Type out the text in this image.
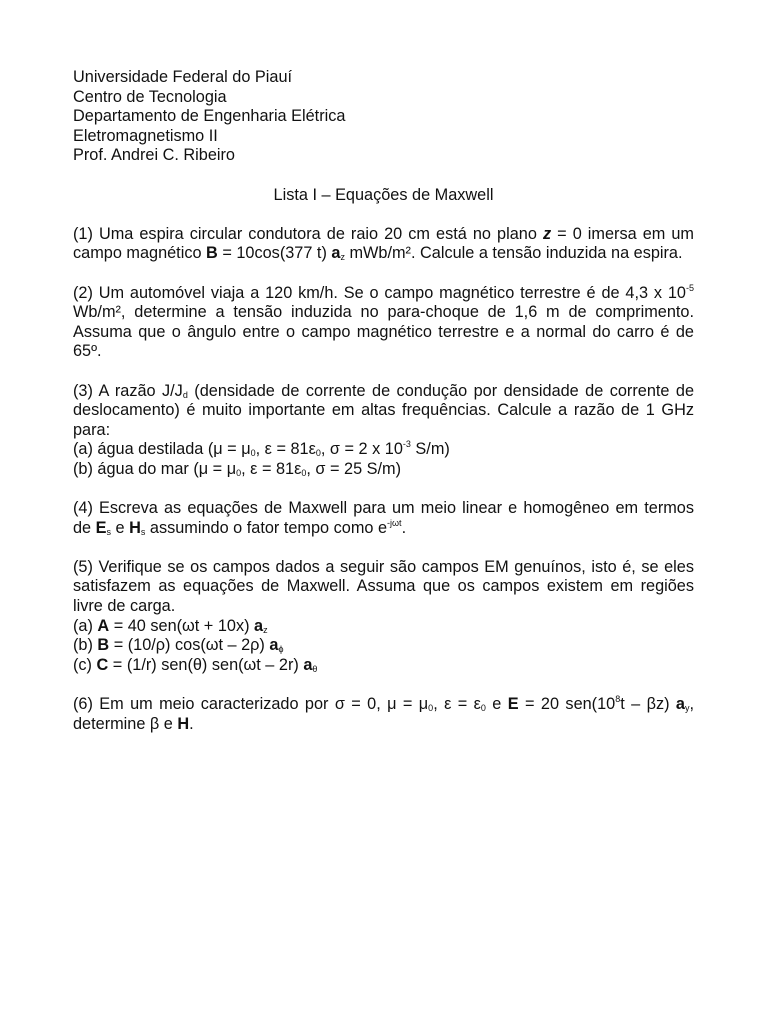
Universidade Federal do Piauí

Centro de Tecnologia

Departamento de Engenharia Elétrica

Eletromagnetismo II

Prof. Andrei C. Ribeiro

Lista I – Equações de Maxwell
(1) Uma espira circular condutora de raio 20 cm está no plano z = 0 imersa em um campo magnético B = 10cos(377 t) $a_z$ mWb/m². Calcule a tensão induzida na espira.
(2) Um automóvel viaja a 120 km/h. Se o campo magnético terrestre é de 4,3 x $10^{-5}$ Wb/m², determine a tensão induzida no para-choque de 1,6 m de comprimento. Assuma que o ângulo entre o campo magnético terrestre e a normal do carro é de 65º.

(3) A razão $J/J_d$ (densidade de corrente de condução por densidade de corrente de deslocamento) é muito importante em altas frequências. Calcule a razão de 1 GHz para:

(a) água destilada ($\mu = \mu_0$, $\varepsilon = 81\varepsilon_0$, σ = 2 x $10^{-3}$ S/m)

(b) água do mar ($\mu = \mu_0$, $\varepsilon = 81\varepsilon_0$, σ = 25 S/m)

(4) Escreva as equações de Maxwell para um meio linear e homogêneo em termos de $E_s$ e $H_s$ assumindo o fator tempo como $e^{-j\omega t}$.

(5) Verifique se os campos dados a seguir são campos EM genuínos, isto é, se eles satisfazem as equações de Maxwell. Assuma que os campos existem em regiões livre de carga.

(a) A = 40 sen(ωt + 10x) $a_z$

(b) B = (10/ρ) cos(ωt – 2ρ) $a_\phi$

(c) C = (1/r) sen(θ) sen(ωt – 2r) $a_\theta$

(6) Em um meio caracterizado por σ = 0, $\mu = \mu_0$, $\varepsilon = \varepsilon_0$ e E = 20 $sen(10^8t - \beta z)$ $a_y$, determine β e H.
